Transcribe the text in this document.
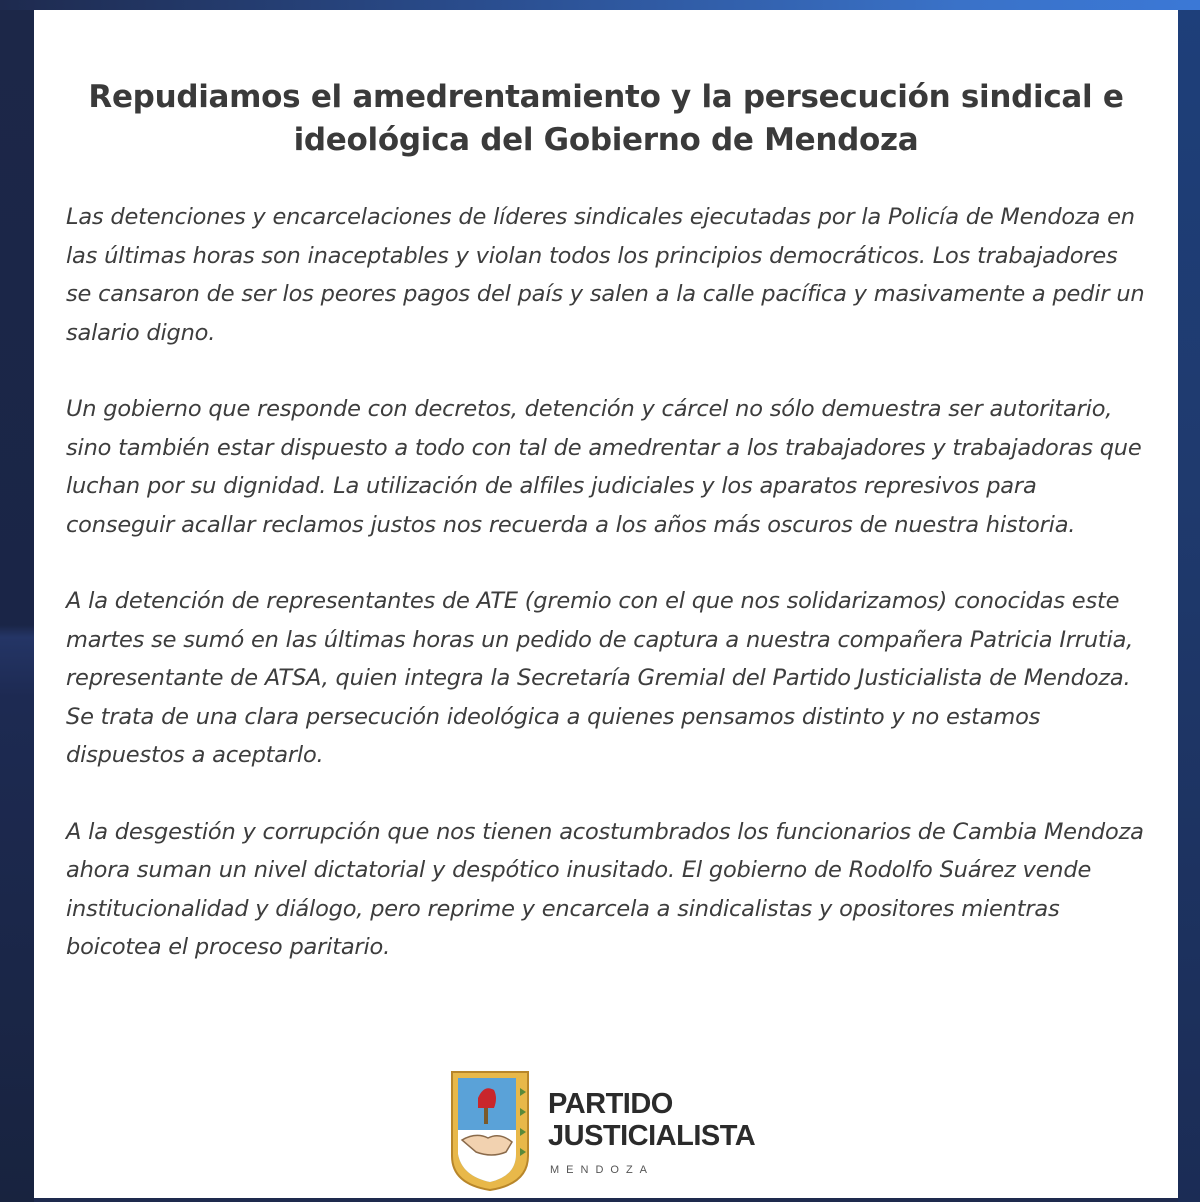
Repudiamos el amedrentamiento y la persecución sindical e ideológica del Gobierno de Mendoza

Las detenciones y encarcelaciones de líderes sindicales ejecutadas por la Policía de Mendoza en las últimas horas son inaceptables y violan todos los principios democráticos. Los trabajadores se cansaron de ser los peores pagos del país y salen a la calle pacífica y masivamente a pedir un salario digno.

Un gobierno que responde con decretos, detención y cárcel no sólo demuestra ser autoritario, sino también estar dispuesto a todo con tal de amedrentar a los trabajadores y trabajadoras que luchan por su dignidad. La utilización de alfiles judiciales y los aparatos represivos para conseguir acallar reclamos justos nos recuerda a los años más oscuros de nuestra historia.

A la detención de representantes de ATE (gremio con el que nos solidarizamos) conocidas este martes se sumó en las últimas horas un pedido de captura a nuestra compañera Patricia Irrutia, representante de ATSA, quien integra la Secretaría Gremial del Partido Justicialista de Mendoza. Se trata de una clara persecución ideológica a quienes pensamos distinto y no estamos dispuestos a aceptarlo.

A la desgestión y corrupción que nos tienen acostumbrados los funcionarios de Cambia Mendoza ahora suman un nivel dictatorial y despótico inusitado. El gobierno de Rodolfo Suárez vende institucionalidad y diálogo, pero reprime y encarcela a sindicalistas y opositores mientras boicotea el proceso paritario.

PARTIDO
JUSTICIALISTA
MENDOZA
